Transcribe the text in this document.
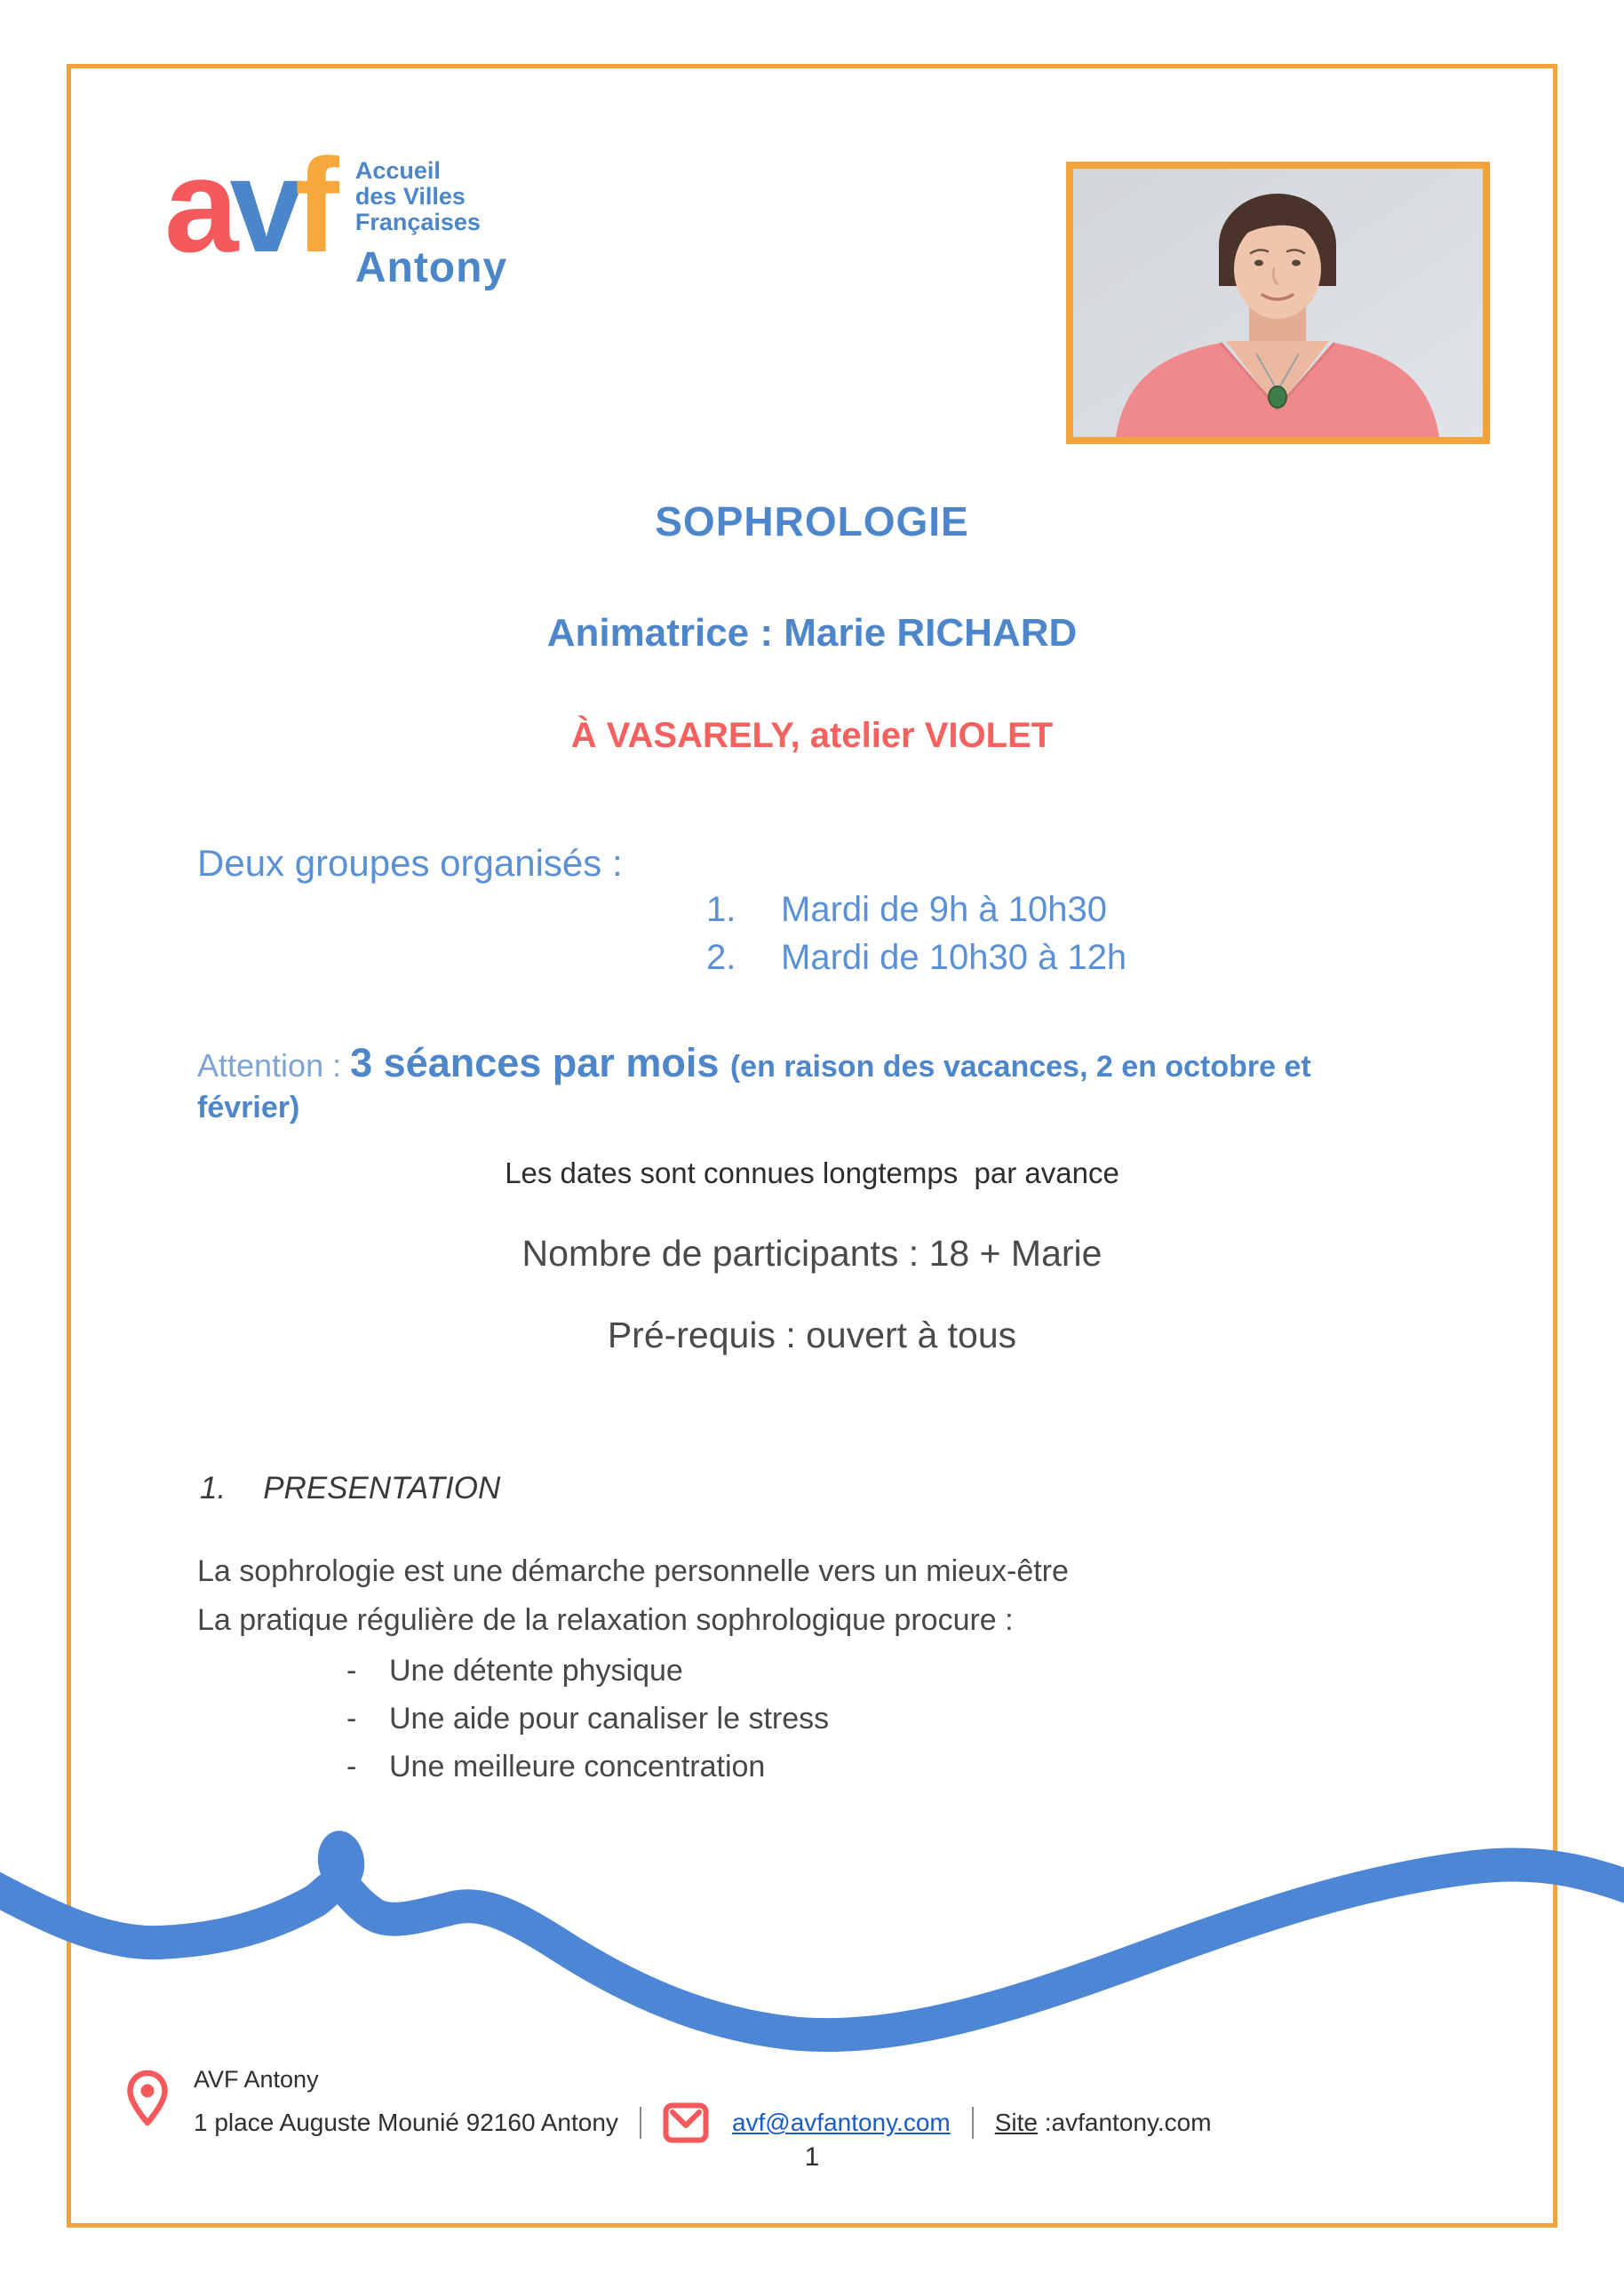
avf Accueil
des Villes
Françaises
Antony
SOPHROLOGIE
Animatrice : Marie RICHARD
À VASARELY, atelier VIOLET
Deux groupes organisés :
1.	Mardi de 9h à 10h30
2.	Mardi de 10h30 à 12h
Attention : 3 séances par mois (en raison des vacances, 2 en octobre et
février)
Les dates sont connues longtemps  par avance
Nombre de participants : 18 + Marie
Pré-requis : ouvert à tous
1. PRESENTATION
La sophrologie est une démarche personnelle vers un mieux-être
La pratique régulière de la relaxation sophrologique procure :
-	Une détente physique
-	Une aide pour canaliser le stress
-	Une meilleure concentration
AVF Antony
1 place Auguste Mounié 92160 Antony	avf@avfantony.com Site :avfantony.com
1
